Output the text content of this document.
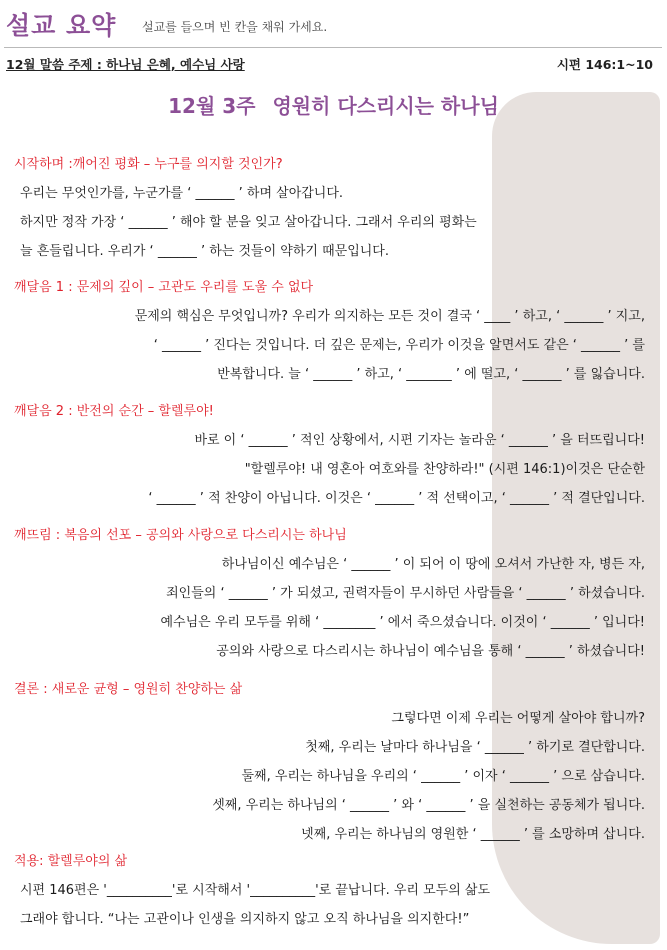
설교 요약 설교를 들으며 빈 칸을 채워 가세요.
12월 말씀 주제 : 하나님 은혜, 예수님 사랑	시편 146:1~10
12월 3주 영원히 다스리시는 하나님
시작하며 :깨어진 평화 – 누구를 의지할 것인가?
우리는 무엇인가를, 누군가를 ‘ ______ ’ 하며 살아갑니다.
하지만 정작 가장 ‘ ______ ’ 해야 할 분을 잊고 살아갑니다. 그래서 우리의 평화는
늘 흔들립니다. 우리가 ‘ ______ ’ 하는 것들이 약하기 때문입니다.
깨달음 1 : 문제의 깊이 – 고관도 우리를 도울 수 없다
문제의 핵심은 무엇입니까? 우리가 의지하는 모든 것이 결국 ‘ ____ ’ 하고, ‘ ______ ’ 지고,
‘ ______ ’ 진다는 것입니다. 더 깊은 문제는, 우리가 이것을 알면서도 같은 ‘ ______ ’ 를
반복합니다. 늘 ‘ ______ ’ 하고, ‘ _______ ’ 에 떨고, ‘ ______ ’ 를 잃습니다.
깨달음 2 : 반전의 순간 – 할렐루야!
바로 이 ‘ ______ ’ 적인 상황에서, 시편 기자는 놀라운 ‘ ______ ’ 을 터뜨립니다!
"할렐루야! 내 영혼아 여호와를 찬양하라!" (시편 146:1)이것은 단순한
‘ ______ ’ 적 찬양이 아닙니다. 이것은 ‘ ______ ’ 적 선택이고, ‘ ______ ’ 적 결단입니다.
깨뜨림 : 복음의 선포 – 공의와 사랑으로 다스리시는 하나님
하나님이신 예수님은 ‘ ______ ’ 이 되어 이 땅에 오셔서 가난한 자, 병든 자,
죄인들의 ‘ ______ ’ 가 되셨고, 권력자들이 무시하던 사람들을 ‘ ______ ’ 하셨습니다.
예수님은 우리 모두를 위해 ‘ ________ ’ 에서 죽으셨습니다. 이것이 ‘ ______ ’ 입니다!
공의와 사랑으로 다스리시는 하나님이 예수님을 통해 ‘ ______ ’ 하셨습니다!
결론 : 새로운 균형 – 영원히 찬양하는 삶
그렇다면 이제 우리는 어떻게 살아야 합니까?
첫째, 우리는 날마다 하나님을 ‘ ______ ’ 하기로 결단합니다.
둘째, 우리는 하나님을 우리의 ‘ ______ ’ 이자 ‘ ______ ’ 으로 삼습니다.
셋째, 우리는 하나님의 ‘ ______ ’ 와 ‘ ______ ’ 을 실천하는 공동체가 됩니다.
넷째, 우리는 하나님의 영원한 ‘ ______ ’ 를 소망하며 삽니다.
적용: 할렐루야의 삶
시편 146편은 '__________'로 시작해서 '__________'로 끝납니다. 우리 모두의 삶도
그래야 합니다. “나는 고관이나 인생을 의지하지 않고 오직 하나님을 의지한다!”
